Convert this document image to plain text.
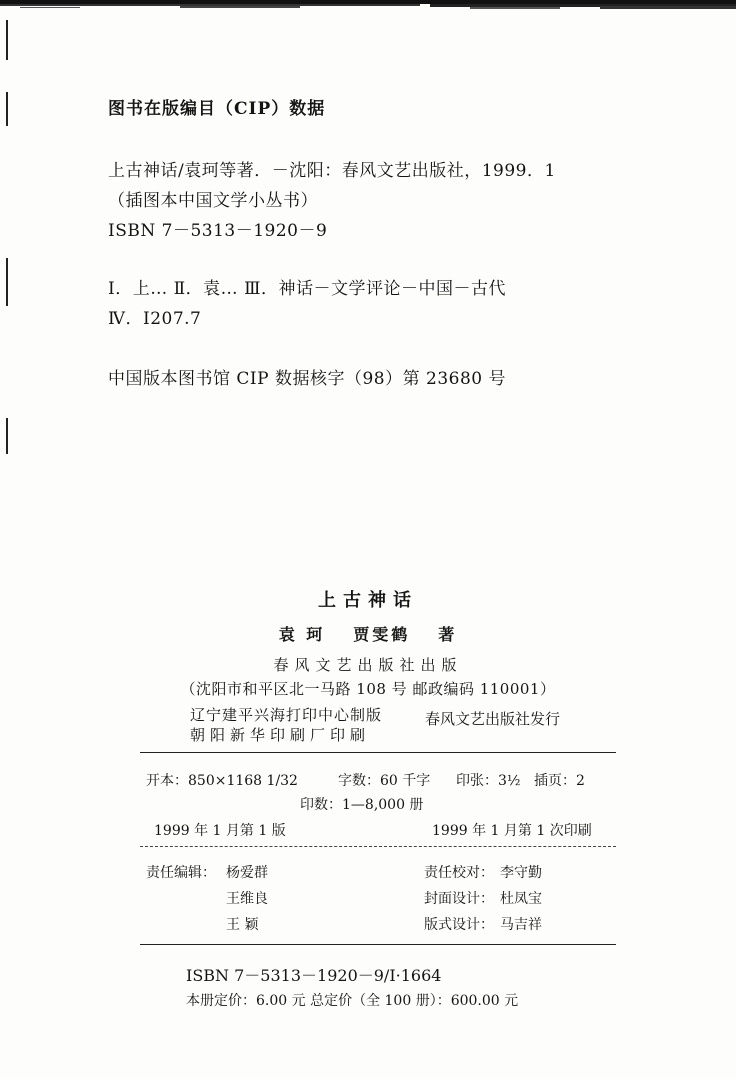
图书在版编目（CIP）数据
上古神话/袁珂等著．－沈阳：春风文艺出版社，1999．1
（插图本中国文学小丛书）
ISBN 7－5313－1920－9
Ⅰ．上… Ⅱ．袁… Ⅲ．神话－文学评论－中国－古代
Ⅳ．I207.7
中国版本图书馆 CIP 数据核字（98）第 23680 号
上古神话
袁 珂 贾雯鹤 著
春风文艺出版社出版
（沈阳市和平区北一马路 108 号 邮政编码 110001）
辽宁建平兴海打印中心制版
朝阳新华印刷厂印刷
春风文艺出版社发行
开本：850×1168 1/32	字数：60 千字 印张：3½ 插页：2
印数：1—8,000 册
1999 年 1 月第 1 版	1999 年 1 月第 1 次印刷
责任编辑： 杨爱群
王维良
王 颖
责任校对： 李守勤
封面设计： 杜凤宝
版式设计： 马吉祥
ISBN 7－5313－1920－9/I·1664
本册定价：6.00 元 总定价（全 100 册）：600.00 元
